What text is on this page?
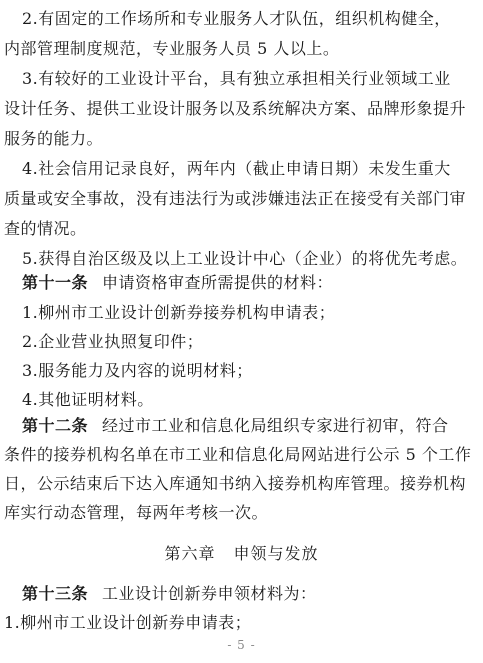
2.有固定的工作场所和专业服务人才队伍，组织机构健全，
内部管理制度规范，专业服务人员 5 人以上。
3.有较好的工业设计平台，具有独立承担相关行业领域工业
设计任务、提供工业设计服务以及系统解决方案、品牌形象提升
服务的能力。
4.社会信用记录良好，两年内（截止申请日期）未发生重大
质量或安全事故，没有违法行为或涉嫌违法正在接受有关部门审
查的情况。
5.获得自治区级及以上工业设计中心（企业）的将优先考虑。
第十一条 申请资格审查所需提供的材料：
1.柳州市工业设计创新券接券机构申请表；
2.企业营业执照复印件；
3.服务能力及内容的说明材料；
4.其他证明材料。
第十二条 经过市工业和信息化局组织专家进行初审，符合
条件的接券机构名单在市工业和信息化局网站进行公示 5 个工作
日，公示结束后下达入库通知书纳入接券机构库管理。接券机构
库实行动态管理，每两年考核一次。
第六章 申领与发放
第十三条 工业设计创新券申领材料为：
1.柳州市工业设计创新券申请表；
- 5 -
